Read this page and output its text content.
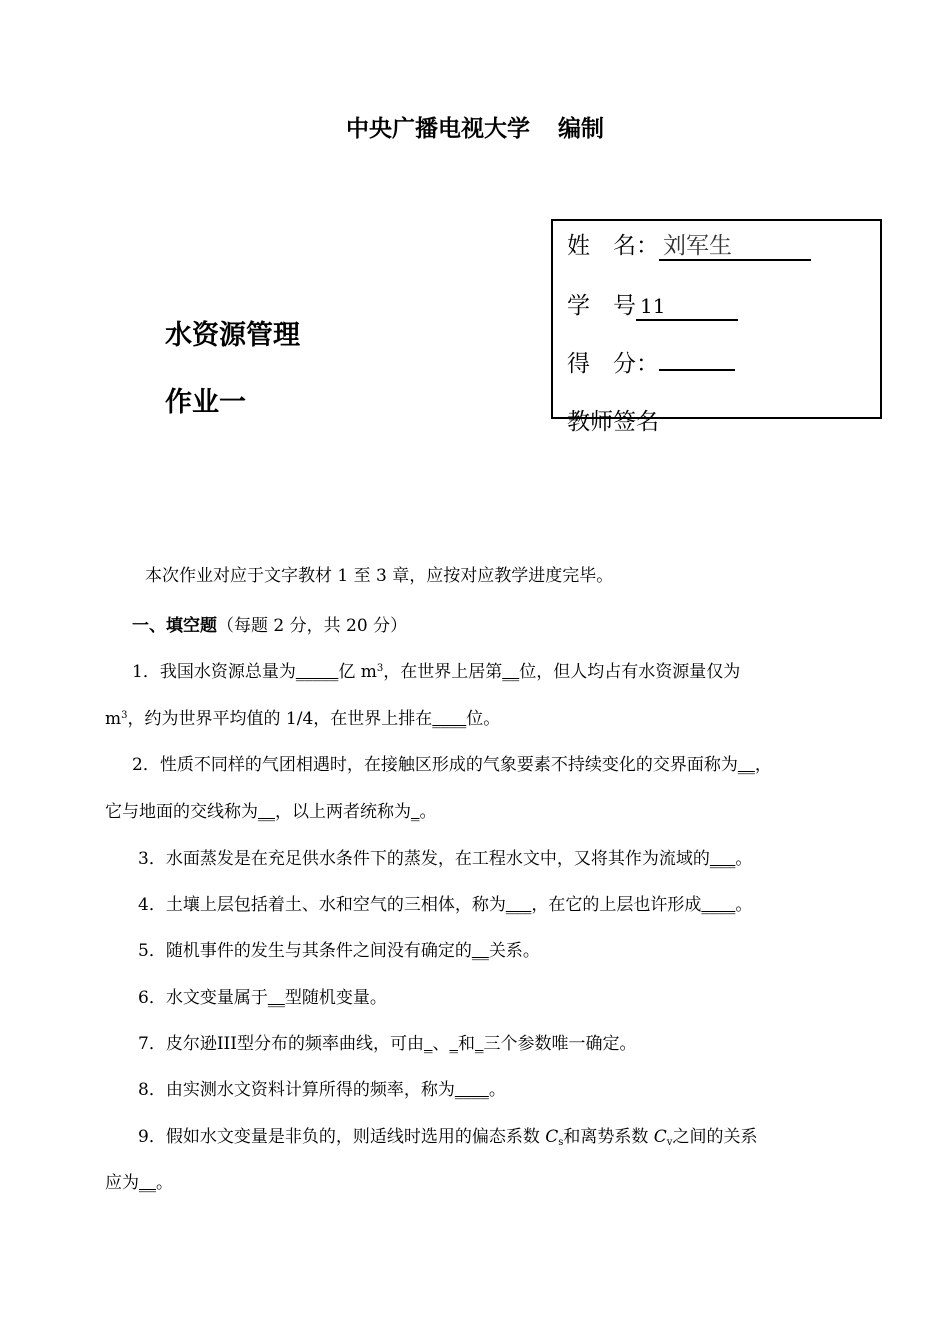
中央广播电视大学 编制
水资源管理
作业一
姓　名： 刘军生
学　号 11
得　分：
教师签名
本次作业对应于文字教材 1 至 3 章，应按对应教学进度完毕。
一、填空题（每题 2 分，共 20 分）
1．我国水资源总量为_____亿 $m^3$，在世界上居第__位，但人均占有水资源量仅为
$m^3$，约为世界平均值的 1/4，在世界上排在____位。
2．性质不同样的气团相遇时，在接触区形成的气象要素不持续变化的交界面称为__，
它与地面的交线称为__，以上两者统称为_。
3．水面蒸发是在充足供水条件下的蒸发，在工程水文中，又将其作为流域的___。
4．土壤上层包括着土、水和空气的三相体，称为___，在它的上层也许形成____。
5．随机事件的发生与其条件之间没有确定的__关系。
6．水文变量属于__型随机变量。
7．皮尔逊III型分布的频率曲线，可由_、_和_三个参数唯一确定。
8．由实测水文资料计算所得的频率，称为____。
9．假如水文变量是非负的，则适线时选用的偏态系数 $C_s$和离势系数 $C_v$之间的关系
应为__。
